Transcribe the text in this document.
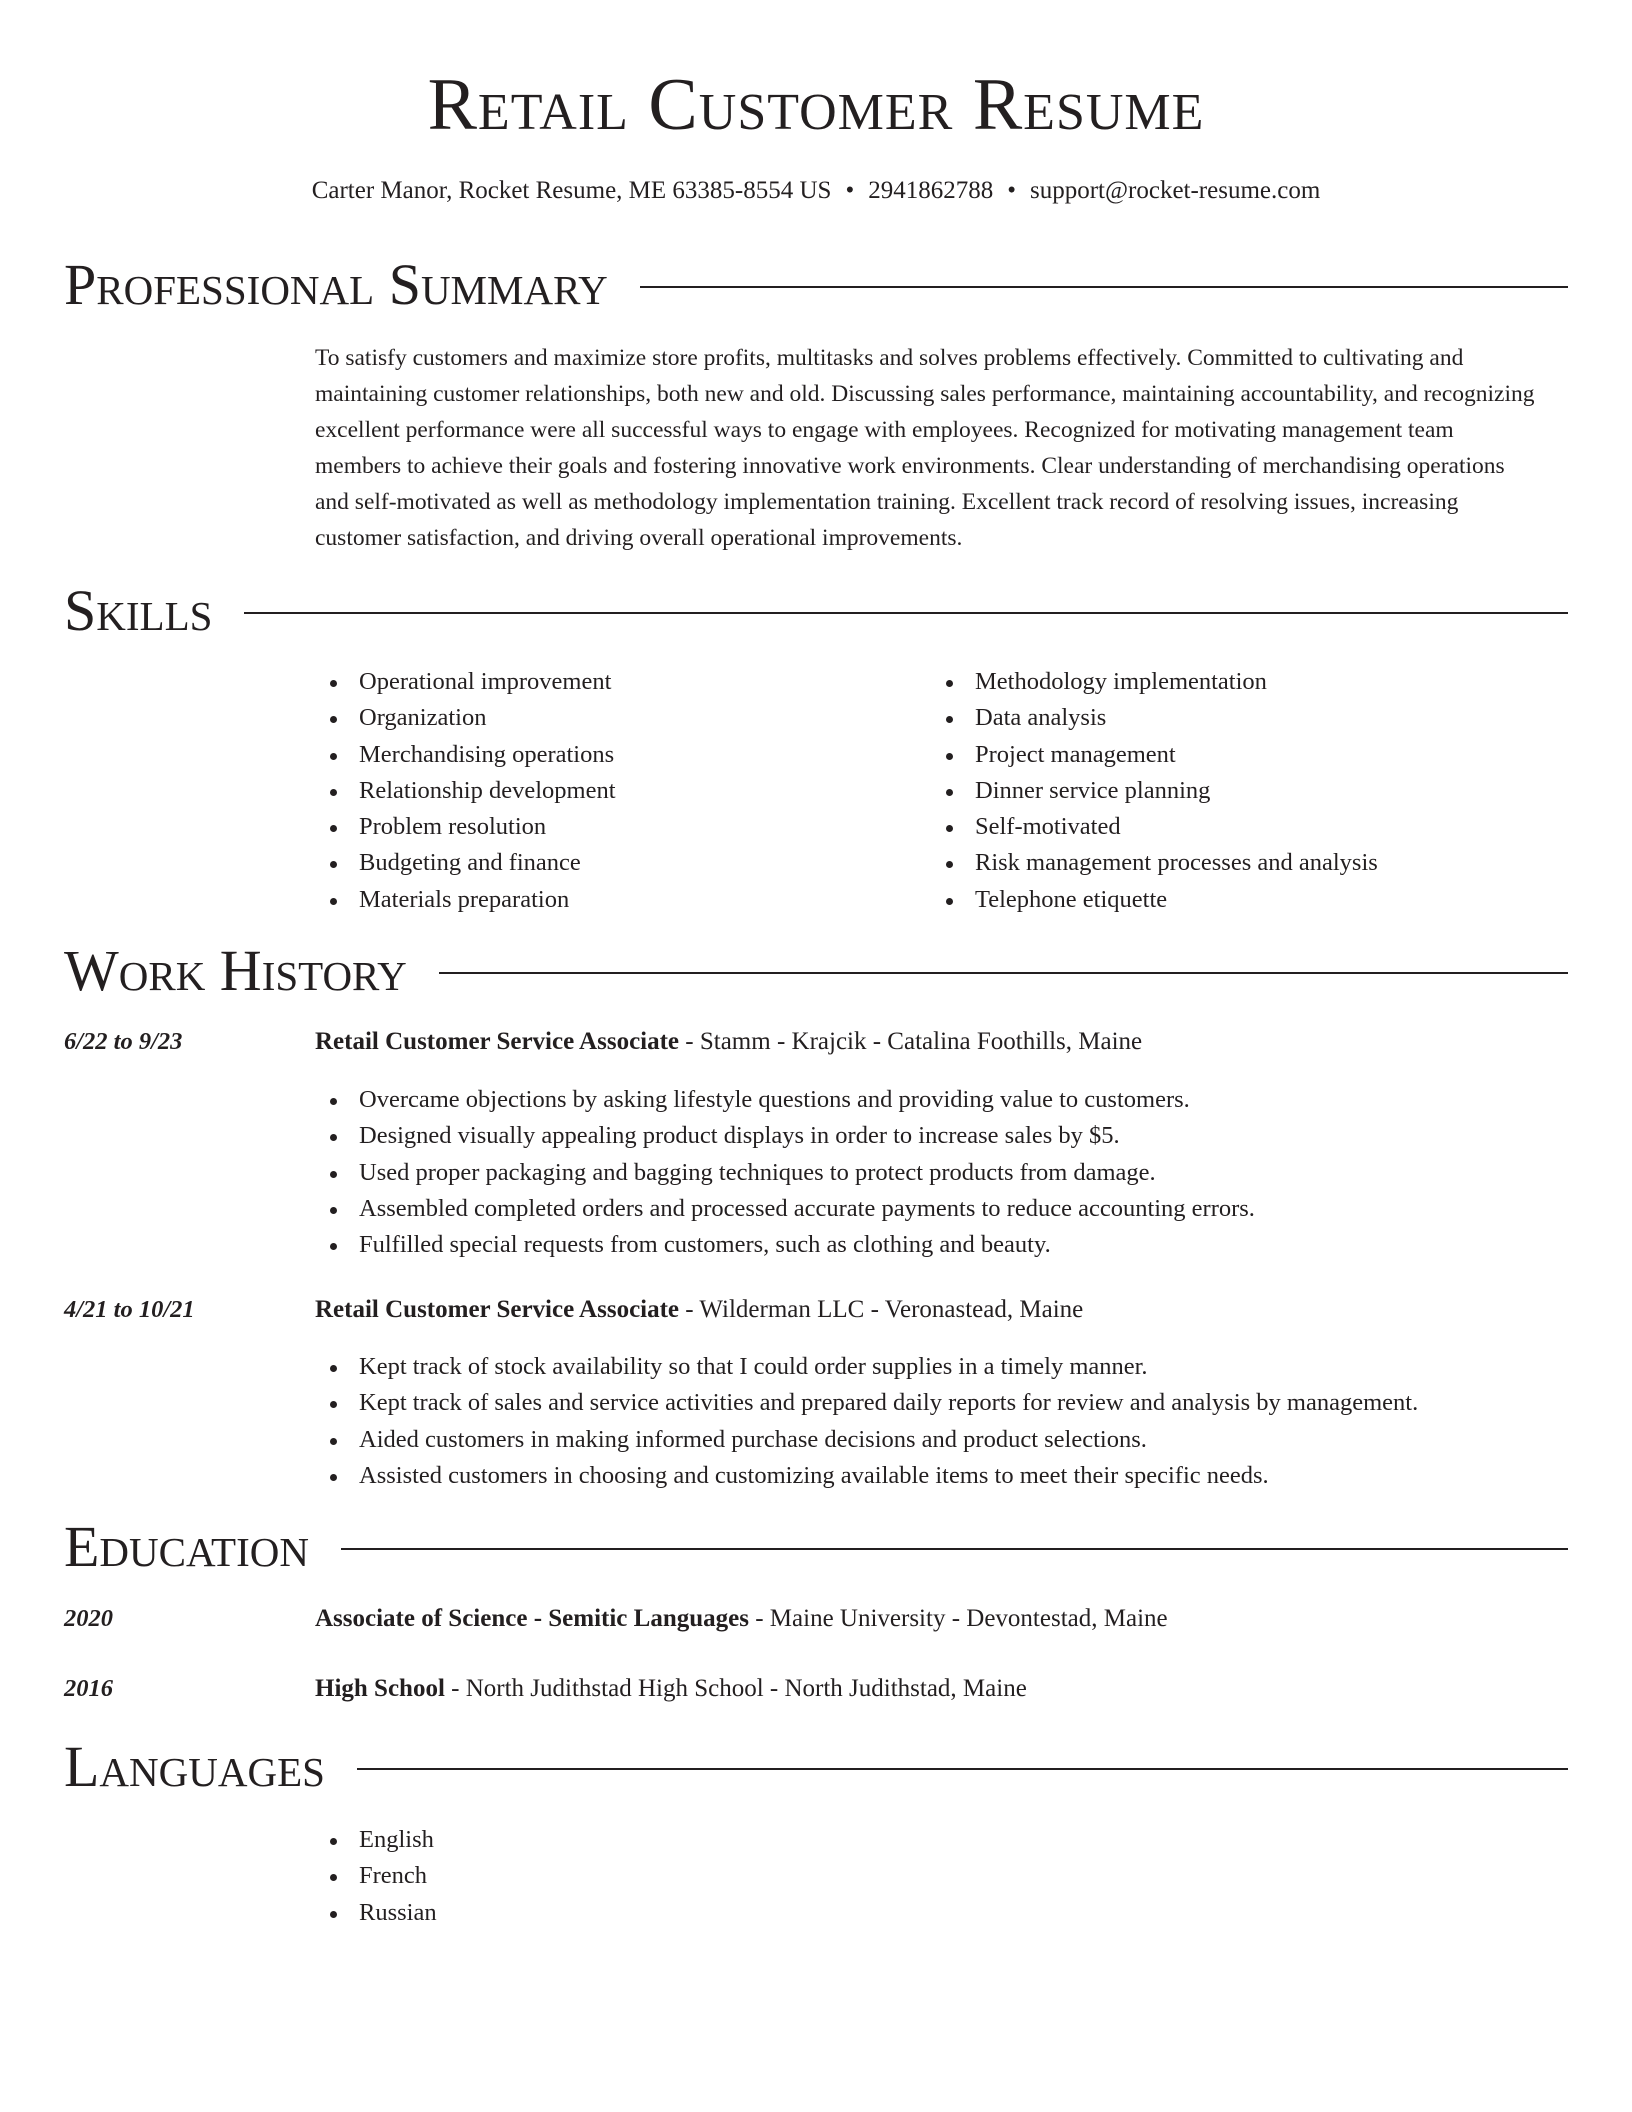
Retail Customer Resume
Carter Manor, Rocket Resume, ME 63385-8554 US • 2941862788 • support@rocket-resume.com
Professional Summary

To satisfy customers and maximize store profits, multitasks and solves problems effectively. Committed to cultivating and maintaining customer relationships, both new and old. Discussing sales performance, maintaining accountability, and recognizing excellent performance were all successful ways to engage with employees. Recognized for motivating management team members to achieve their goals and fostering innovative work environments. Clear understanding of merchandising operations and self-motivated as well as methodology implementation training. Excellent track record of resolving issues, increasing customer satisfaction, and driving overall operational improvements.

Skills
Operational improvement
Organization
Merchandising operations
Relationship development
Problem resolution
Budgeting and finance
Materials preparation
Methodology implementation
Data analysis
Project management
Dinner service planning
Self-motivated
Risk management processes and analysis
Telephone etiquette
Work History
6/22 to 9/23	Retail Customer Service Associate - Stamm - Krajcik - Catalina Foothills, Maine
Overcame objections by asking lifestyle questions and providing value to customers.
Designed visually appealing product displays in order to increase sales by $5.
Used proper packaging and bagging techniques to protect products from damage.
Assembled completed orders and processed accurate payments to reduce accounting errors.
Fulfilled special requests from customers, such as clothing and beauty.
4/21 to 10/21	Retail Customer Service Associate - Wilderman LLC - Veronastead, Maine
Kept track of stock availability so that I could order supplies in a timely manner.
Kept track of sales and service activities and prepared daily reports for review and analysis by management.
Aided customers in making informed purchase decisions and product selections.
Assisted customers in choosing and customizing available items to meet their specific needs.
Education
2020	Associate of Science - Semitic Languages - Maine University - Devontestad, Maine
2016	High School - North Judithstad High School - North Judithstad, Maine
Languages
English
French
Russian
